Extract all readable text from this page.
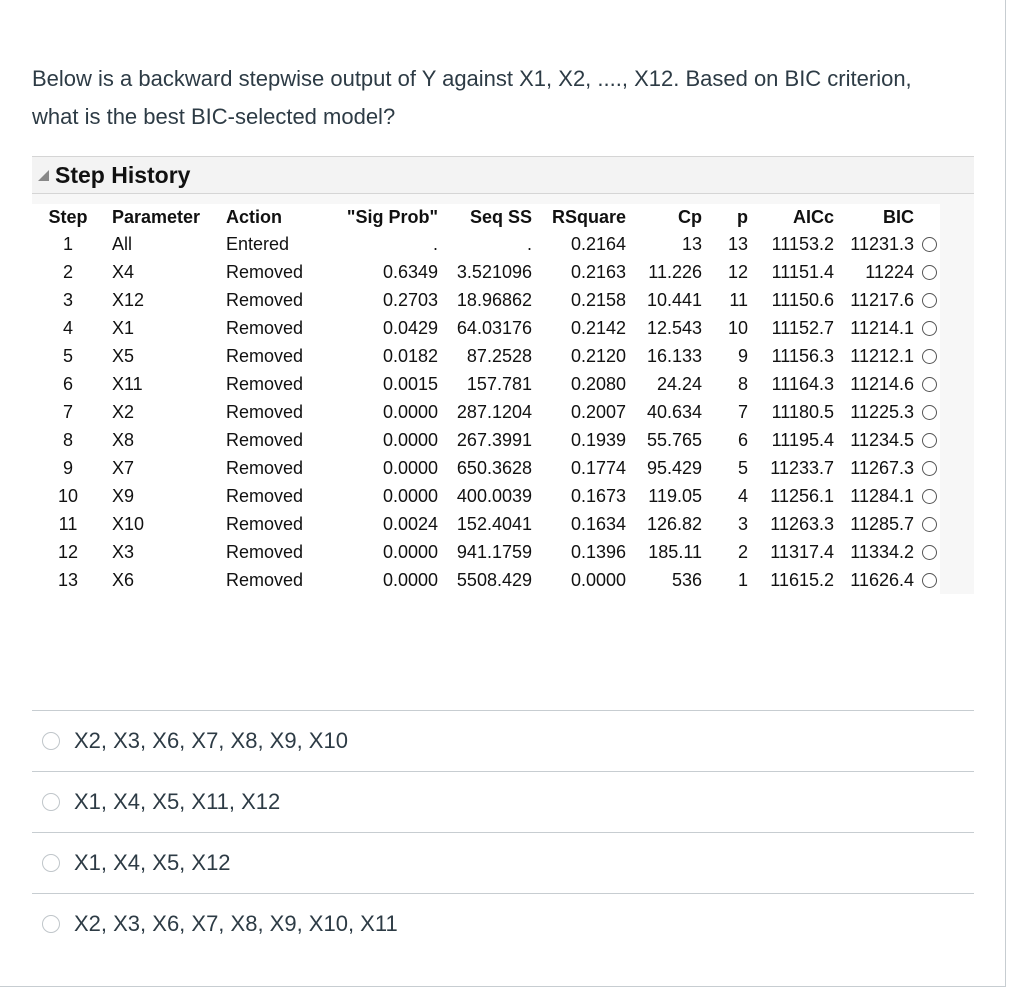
Below is a backward stepwise output of Y against X1, X2, ...., X12. Based on BIC criterion, what is the best BIC-selected model?
Step History
Step	Parameter	Action	"Sig Prob"	Seq SS	RSquare	Cp	p	AICc	BIC	
1	All	Entered	.	.	0.2164	13	13	11153.2	11231.3	
2	X4	Removed	0.6349	3.521096	0.2163	11.226	12	11151.4	11224	
3	X12	Removed	0.2703	18.96862	0.2158	10.441	11	11150.6	11217.6	
4	X1	Removed	0.0429	64.03176	0.2142	12.543	10	11152.7	11214.1	
5	X5	Removed	0.0182	87.2528	0.2120	16.133	9	11156.3	11212.1	
6	X11	Removed	0.0015	157.781	0.2080	24.24	8	11164.3	11214.6	
7	X2	Removed	0.0000	287.1204	0.2007	40.634	7	11180.5	11225.3	
8	X8	Removed	0.0000	267.3991	0.1939	55.765	6	11195.4	11234.5	
9	X7	Removed	0.0000	650.3628	0.1774	95.429	5	11233.7	11267.3	
10	X9	Removed	0.0000	400.0039	0.1673	119.05	4	11256.1	11284.1	
11	X10	Removed	0.0024	152.4041	0.1634	126.82	3	11263.3	11285.7	
12	X3	Removed	0.0000	941.1759	0.1396	185.11	2	11317.4	11334.2	
13	X6	Removed	0.0000	5508.429	0.0000	536	1	11615.2	11626.4	
X2, X3, X6, X7, X8, X9, X10
X1, X4, X5, X11, X12
X1, X4, X5, X12
X2, X3, X6, X7, X8, X9, X10, X11
